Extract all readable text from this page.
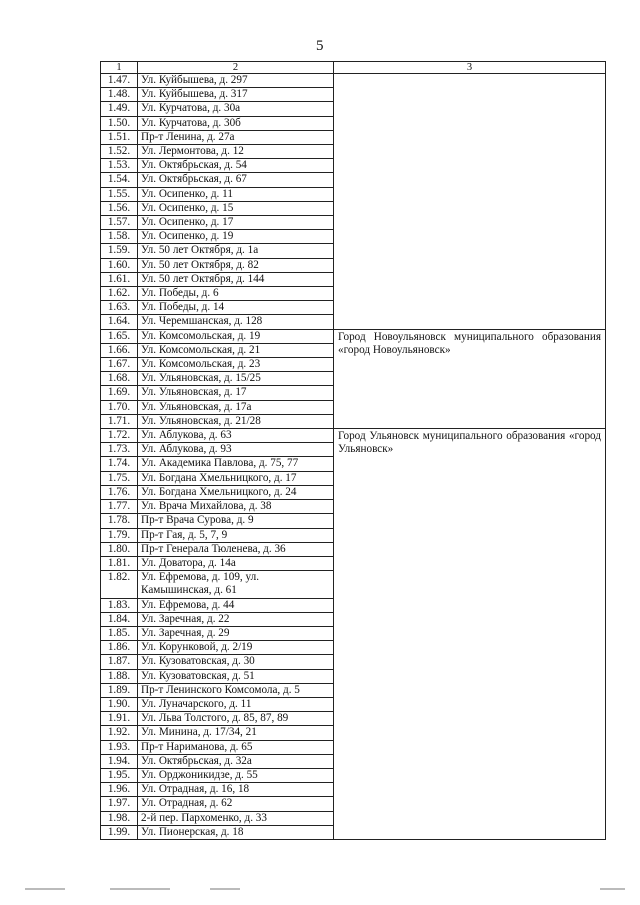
5
1	2	3
1.47.	Ул. Куйбышева, д. 297	
1.48.	Ул. Куйбышева, д. 317	
1.49.	Ул. Курчатова, д. 30а	
1.50.	Ул. Курчатова, д. 30б	
1.51.	Пр-т Ленина, д. 27а	
1.52.	Ул. Лермонтова, д. 12	
1.53.	Ул. Октябрьская, д. 54	
1.54.	Ул. Октябрьская, д. 67	
1.55.	Ул. Осипенко, д. 11	
1.56.	Ул. Осипенко, д. 15	
1.57.	Ул. Осипенко, д. 17	
1.58.	Ул. Осипенко, д. 19	
1.59.	Ул. 50 лет Октября, д. 1а	
1.60.	Ул. 50 лет Октября, д. 82	
1.61.	Ул. 50 лет Октября, д. 144	
1.62.	Ул. Победы, д. 6	
1.63.	Ул. Победы, д. 14	
1.64.	Ул. Черемшанская, д. 128	
1.65.	Ул. Комсомольская, д. 19	Город Новоульяновск муниципального образования «город Новоульяновск»
1.66.	Ул. Комсомольская, д. 21	
1.67.	Ул. Комсомольская, д. 23	
1.68.	Ул. Ульяновская, д. 15/25	
1.69.	Ул. Ульяновская, д. 17	
1.70.	Ул. Ульяновская, д. 17а	
1.71.	Ул. Ульяновская, д. 21/28	
1.72.	Ул. Аблукова, д. 63	Город Ульяновск муниципального образования «город Ульяновск»
1.73.	Ул. Аблукова, д. 93	
1.74.	Ул. Академика Павлова, д. 75, 77	
1.75.	Ул. Богдана Хмельницкого, д. 17	
1.76.	Ул. Богдана Хмельницкого, д. 24	
1.77.	Ул. Врача Михайлова, д. 38	
1.78.	Пр-т Врача Сурова, д. 9	
1.79.	Пр-т Гая, д. 5, 7, 9	
1.80.	Пр-т Генерала Тюленева, д. 36	
1.81.	Ул. Доватора, д. 14а	
1.82.	Ул. Ефремова, д. 109, ул. Камышинская, д. 61	
1.83.	Ул. Ефремова, д. 44	
1.84.	Ул. Заречная, д. 22	
1.85.	Ул. Заречная, д. 29	
1.86.	Ул. Корунковой, д. 2/19	
1.87.	Ул. Кузоватовская, д. 30	
1.88.	Ул. Кузоватовская, д. 51	
1.89.	Пр-т Ленинского Комсомола, д. 5	
1.90.	Ул. Луначарского, д. 11	
1.91.	Ул. Льва Толстого, д. 85, 87, 89	
1.92.	Ул. Минина, д. 17/34, 21	
1.93.	Пр-т Нариманова, д. 65	
1.94.	Ул. Октябрьская, д. 32а	
1.95.	Ул. Орджоникидзе, д. 55	
1.96.	Ул. Отрадная, д. 16, 18	
1.97.	Ул. Отрадная, д. 62	
1.98.	2-й пер. Пархоменко, д. 33	
1.99.	Ул. Пионерская, д. 18	
